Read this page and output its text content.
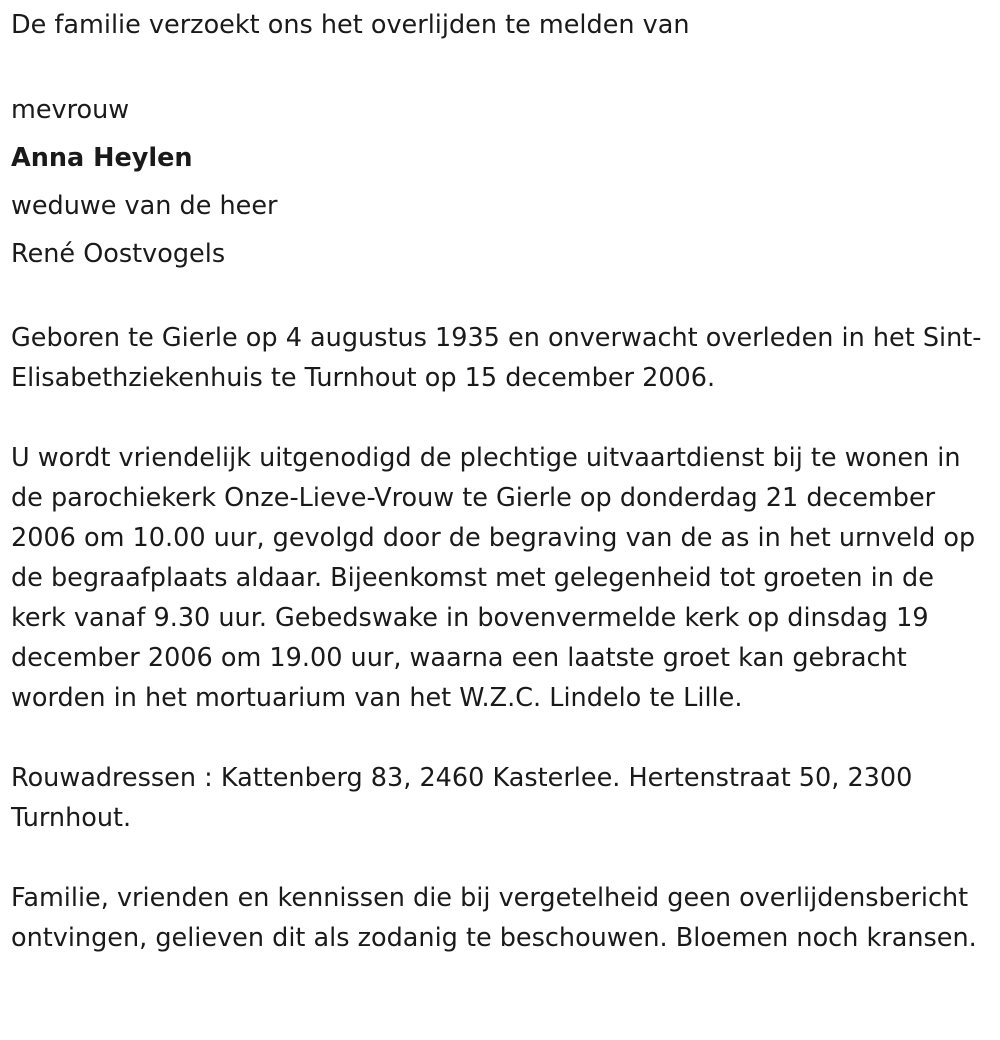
De familie verzoekt ons het overlijden te melden van
mevrouw
Anna Heylen
weduwe van de heer
René Oostvogels

Geboren te Gierle op 4 augustus 1935 en onverwacht overleden in het Sint-Elisabethziekenhuis te Turnhout op 15 december 2006.

U wordt vriendelijk uitgenodigd de plechtige uitvaartdienst bij te wonen in de parochiekerk Onze-Lieve-Vrouw te Gierle op donderdag 21 december 2006 om 10.00 uur, gevolgd door de begraving van de as in het urnveld op de begraafplaats aldaar. Bijeenkomst met gelegenheid tot groeten in de kerk vanaf 9.30 uur. Gebedswake in bovenvermelde kerk op dinsdag 19 december 2006 om 19.00 uur, waarna een laatste groet kan gebracht worden in het mortuarium van het W.Z.C. Lindelo te Lille.

Rouwadressen : Kattenberg 83, 2460 Kasterlee. Hertenstraat 50, 2300 Turnhout.

Familie, vrienden en kennissen die bij vergetelheid geen overlijdensbericht ontvingen, gelieven dit als zodanig te beschouwen. Bloemen noch kransen.
